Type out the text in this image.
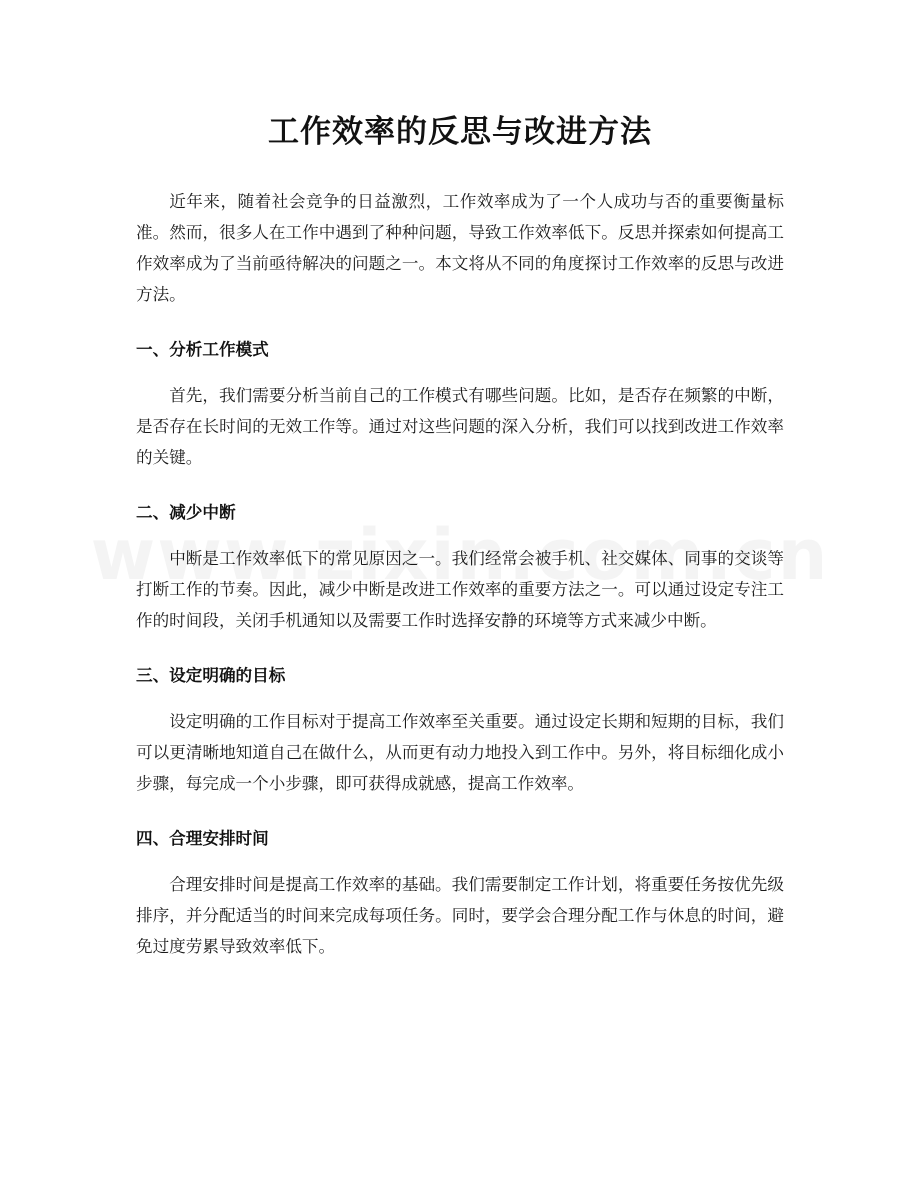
工作效率的反思与改进方法

近年来，随着社会竞争的日益激烈，工作效率成为了一个人成功与否的重要衡量标准。然而，很多人在工作中遇到了种种问题，导致工作效率低下。反思并探索如何提高工作效率成为了当前亟待解决的问题之一。本文将从不同的角度探讨工作效率的反思与改进方法。

一、分析工作模式

首先，我们需要分析当前自己的工作模式有哪些问题。比如，是否存在频繁的中断，是否存在长时间的无效工作等。通过对这些问题的深入分析，我们可以找到改进工作效率的关键。

二、减少中断

中断是工作效率低下的常见原因之一。我们经常会被手机、社交媒体、同事的交谈等打断工作的节奏。因此，减少中断是改进工作效率的重要方法之一。可以通过设定专注工作的时间段，关闭手机通知以及需要工作时选择安静的环境等方式来减少中断。

三、设定明确的目标

设定明确的工作目标对于提高工作效率至关重要。通过设定长期和短期的目标，我们可以更清晰地知道自己在做什么，从而更有动力地投入到工作中。另外，将目标细化成小步骤，每完成一个小步骤，即可获得成就感，提高工作效率。

四、合理安排时间

合理安排时间是提高工作效率的基础。我们需要制定工作计划，将重要任务按优先级排序，并分配适当的时间来完成每项任务。同时，要学会合理分配工作与休息的时间，避免过度劳累导致效率低下。
